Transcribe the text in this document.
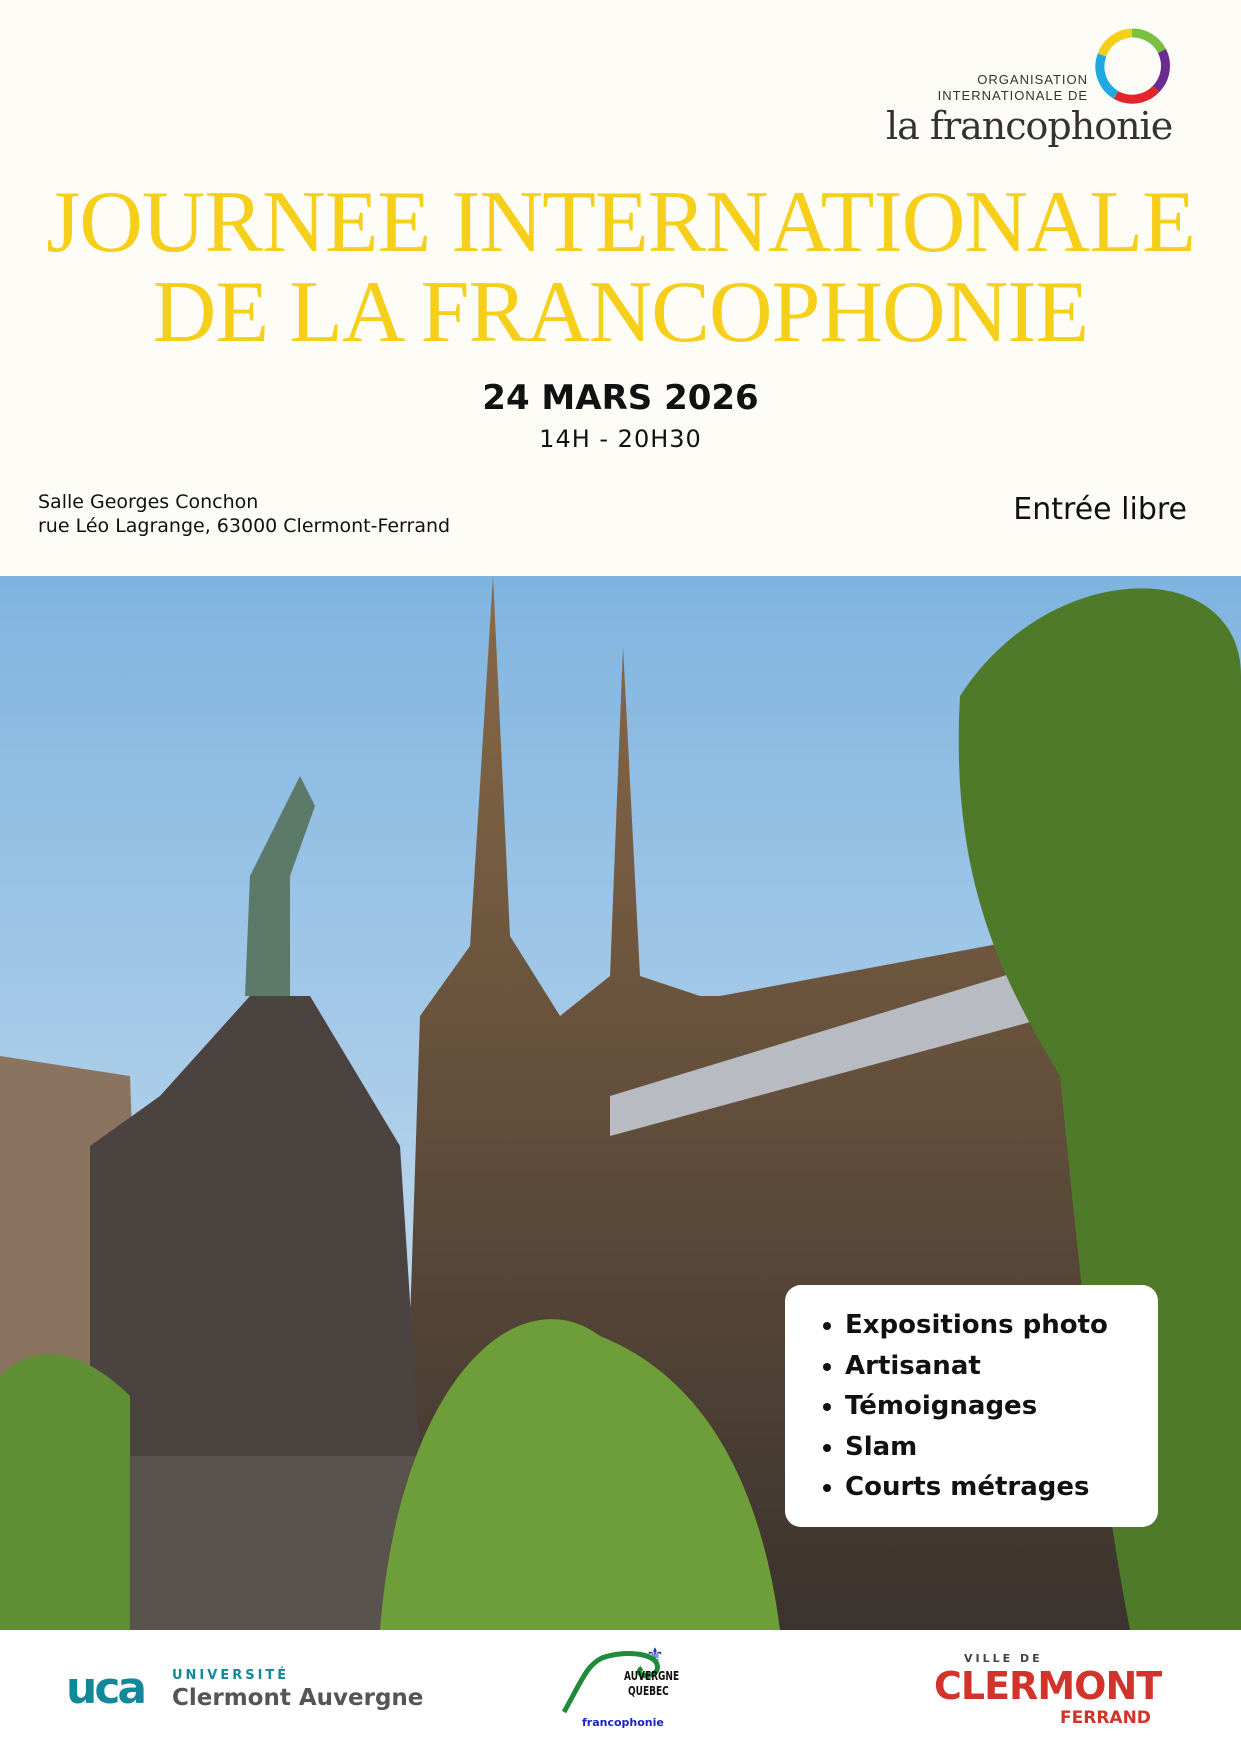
ORGANISATION
INTERNATIONALE DE
la francophonie
JOURNEE INTERNATIONALE
DE LA FRANCOPHONIE
24 MARS 2026
14H - 20H30
Salle Georges Conchon
rue Léo Lagrange, 63000 Clermont-Ferrand	Entrée libre
• Expositions photo
• Artisanat
• Témoignages
• Slam
• Courts métrages
uca UNIVERSITÉ
Clermont Auvergne
⚜
AUVERGNE
QUEBEC
francophonie
VILLE DE
CLERMONT
FERRAND
